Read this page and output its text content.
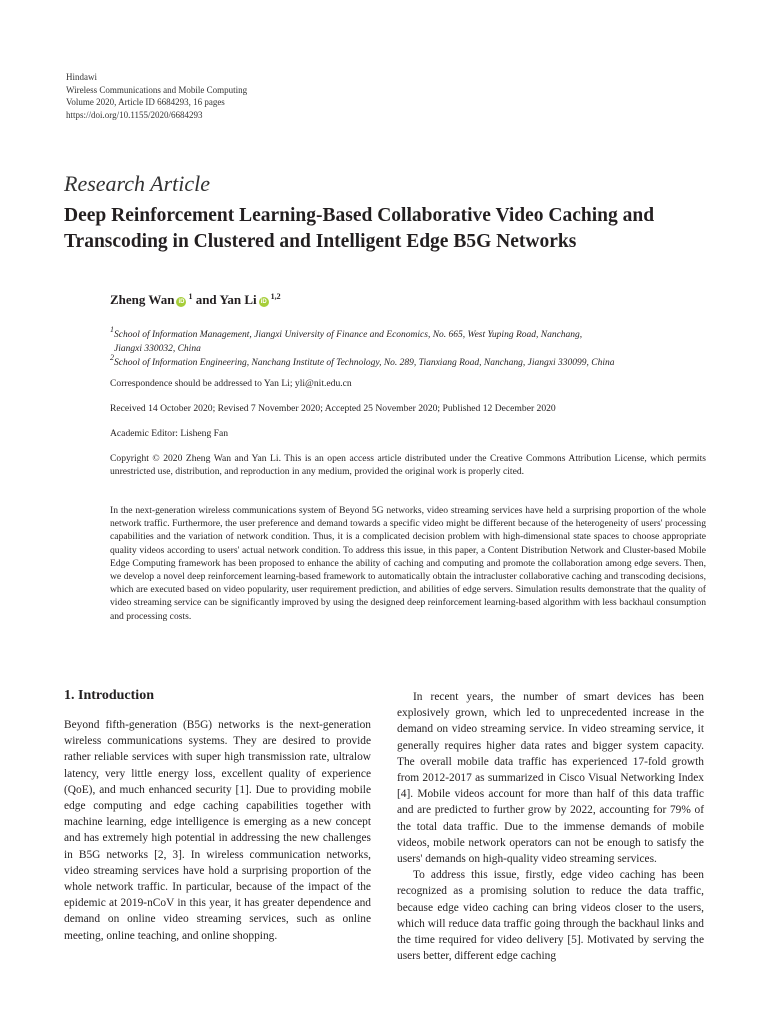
Hindawi
Wireless Communications and Mobile Computing
Volume 2020, Article ID 6684293, 16 pages
https://doi.org/10.1155/2020/6684293
Research Article
Deep Reinforcement Learning-Based Collaborative Video Caching and Transcoding in Clustered and Intelligent Edge B5G Networks
Zheng Wan $iD^1$ and Yan Li iD$^{1,2}$
$^1$School of Information Management, Jiangxi University of Finance and Economics, No. 665, West Yuping Road, Nanchang,
Jiangxi 330032, China
$^2$School of Information Engineering, Nanchang Institute of Technology, No. 289, Tianxiang Road, Nanchang, Jiangxi 330099, China
Correspondence should be addressed to Yan Li; yli@nit.edu.cn
Received 14 October 2020; Revised 7 November 2020; Accepted 25 November 2020; Published 12 December 2020
Academic Editor: Lisheng Fan
Copyright © 2020 Zheng Wan and Yan Li. This is an open access article distributed under the Creative Commons Attribution License, which permits unrestricted use, distribution, and reproduction in any medium, provided the original work is properly cited.
In the next-generation wireless communications system of Beyond 5G networks, video streaming services have held a surprising proportion of the whole network traffic. Furthermore, the user preference and demand towards a specific video might be different because of the heterogeneity of users' processing capabilities and the variation of network condition. Thus, it is a complicated decision problem with high-dimensional state spaces to choose appropriate quality videos according to users' actual network condition. To address this issue, in this paper, a Content Distribution Network and Cluster-based Mobile Edge Computing framework has been proposed to enhance the ability of caching and computing and promote the collaboration among edge severs. Then, we develop a novel deep reinforcement learning-based framework to automatically obtain the intracluster collaborative caching and transcoding decisions, which are executed based on video popularity, user requirement prediction, and abilities of edge servers. Simulation results demonstrate that the quality of video streaming service can be significantly improved by using the designed deep reinforcement learning-based algorithm with less backhaul consumption and processing costs.
1. Introduction

Beyond fifth-generation (B5G) networks is the next-generation wireless communications systems. They are desired to provide rather reliable services with super high transmission rate, ultralow latency, very little energy loss, excellent quality of experience (QoE), and much enhanced security [1]. Due to providing mobile edge computing and edge caching capabilities together with machine learning, edge intelligence is emerging as a new concept and has extremely high potential in addressing the new challenges in B5G networks [2, 3]. In wireless communication networks, video streaming services have hold a surprising proportion of the whole network traffic. In particular, because of the impact of the epidemic at 2019-nCoV in this year, it has greater dependence and demand on online video streaming services, such as online meeting, online teaching, and online shopping.

In recent years, the number of smart devices has been explosively grown, which led to unprecedented increase in the demand on video streaming service. In video streaming service, it generally requires higher data rates and bigger system capacity. The overall mobile data traffic has experienced 17-fold growth from 2012-2017 as summarized in Cisco Visual Networking Index [4]. Mobile videos account for more than half of this data traffic and are predicted to further grow by 2022, accounting for 79% of the total data traffic. Due to the immense demands of mobile videos, mobile network operators can not be enough to satisfy the users' demands on high-quality video streaming services.

To address this issue, firstly, edge video caching has been recognized as a promising solution to reduce the data traffic, because edge video caching can bring videos closer to the users, which will reduce data traffic going through the backhaul links and the time required for video delivery [5]. Motivated by serving the users better, different edge caching
